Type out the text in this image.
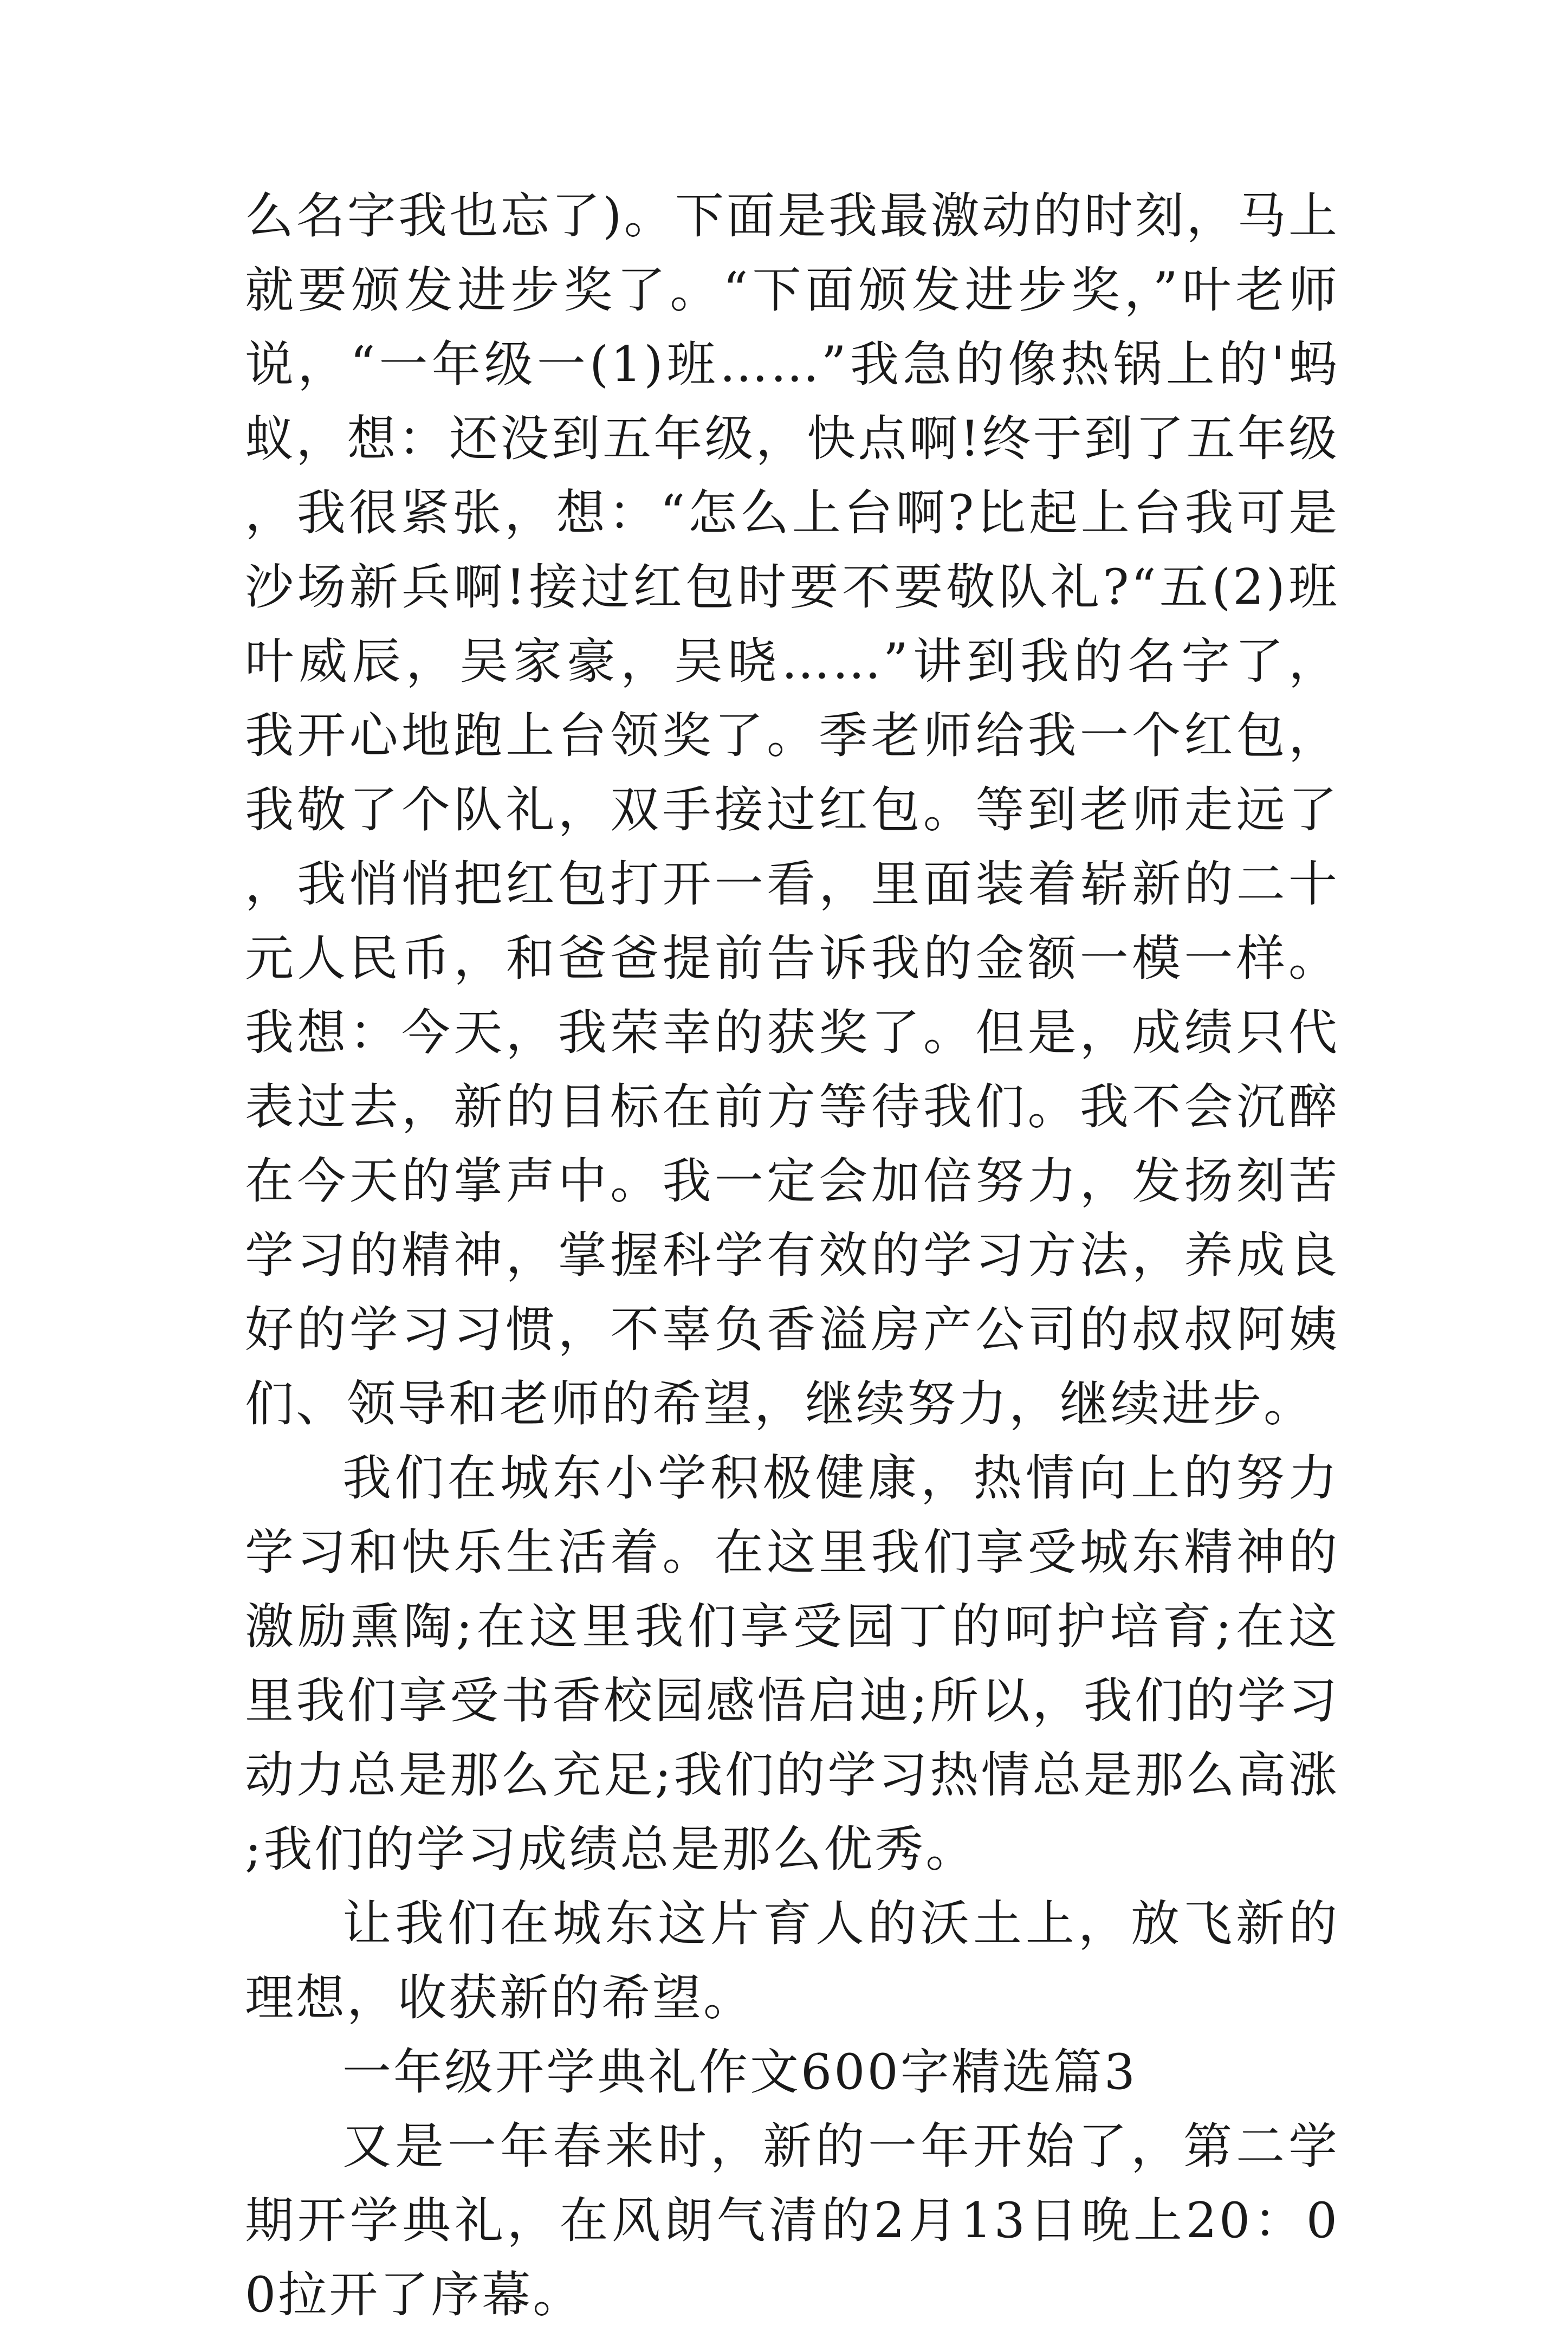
么名字我也忘了)。下面是我最激动的时刻，马上就要颁发进步奖了。“下面颁发进步奖，”叶老师说，“一年级一(1)班……”我急的像热锅上的'蚂蚁，想：还没到五年级，快点啊!终于到了五年级，我很紧张，想：“怎么上台啊?比起上台我可是沙场新兵啊!接过红包时要不要敬队礼?“五(2)班叶威辰，吴家豪，吴晓……”讲到我的名字了，我开心地跑上台领奖了。季老师给我一个红包，我敬了个队礼，双手接过红包。等到老师走远了，我悄悄把红包打开一看，里面装着崭新的二十元人民币，和爸爸提前告诉我的金额一模一样。我想：今天，我荣幸的获奖了。但是，成绩只代表过去，新的目标在前方等待我们。我不会沉醉在今天的掌声中。我一定会加倍努力，发扬刻苦学习的精神，掌握科学有效的学习方法，养成良好的学习习惯，不辜负香溢房产公司的叔叔阿姨们、领导和老师的希望，继续努力，继续进步。

我们在城东小学积极健康，热情向上的努力学习和快乐生活着。在这里我们享受城东精神的激励熏陶;在这里我们享受园丁的呵护培育;在这里我们享受书香校园感悟启迪;所以，我们的学习动力总是那么充足;我们的学习热情总是那么高涨;我们的学习成绩总是那么优秀。

让我们在城东这片育人的沃土上，放飞新的理想，收获新的希望。

一年级开学典礼作文600字精选篇3

又是一年春来时，新的一年开始了，第二学期开学典礼，在风朗气清的2月13日晚上20：00拉开了序幕。
